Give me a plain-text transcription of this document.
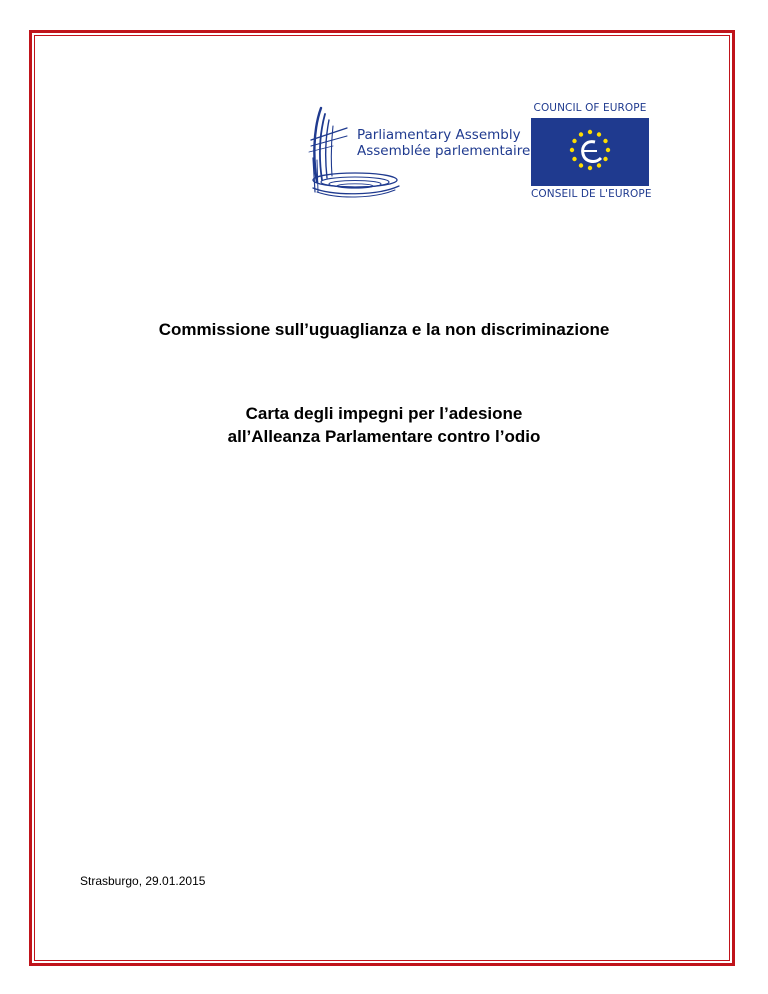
Parliamentary Assembly
Assemblée parlementaire
COUNCIL OF EUROPE
CONSEIL DE L'EUROPE
Commissione sull’uguaglianza e la non discriminazione
Carta degli impegni per l’adesione
all’Alleanza Parlamentare contro l’odio
Strasburgo, 29.01.2015
